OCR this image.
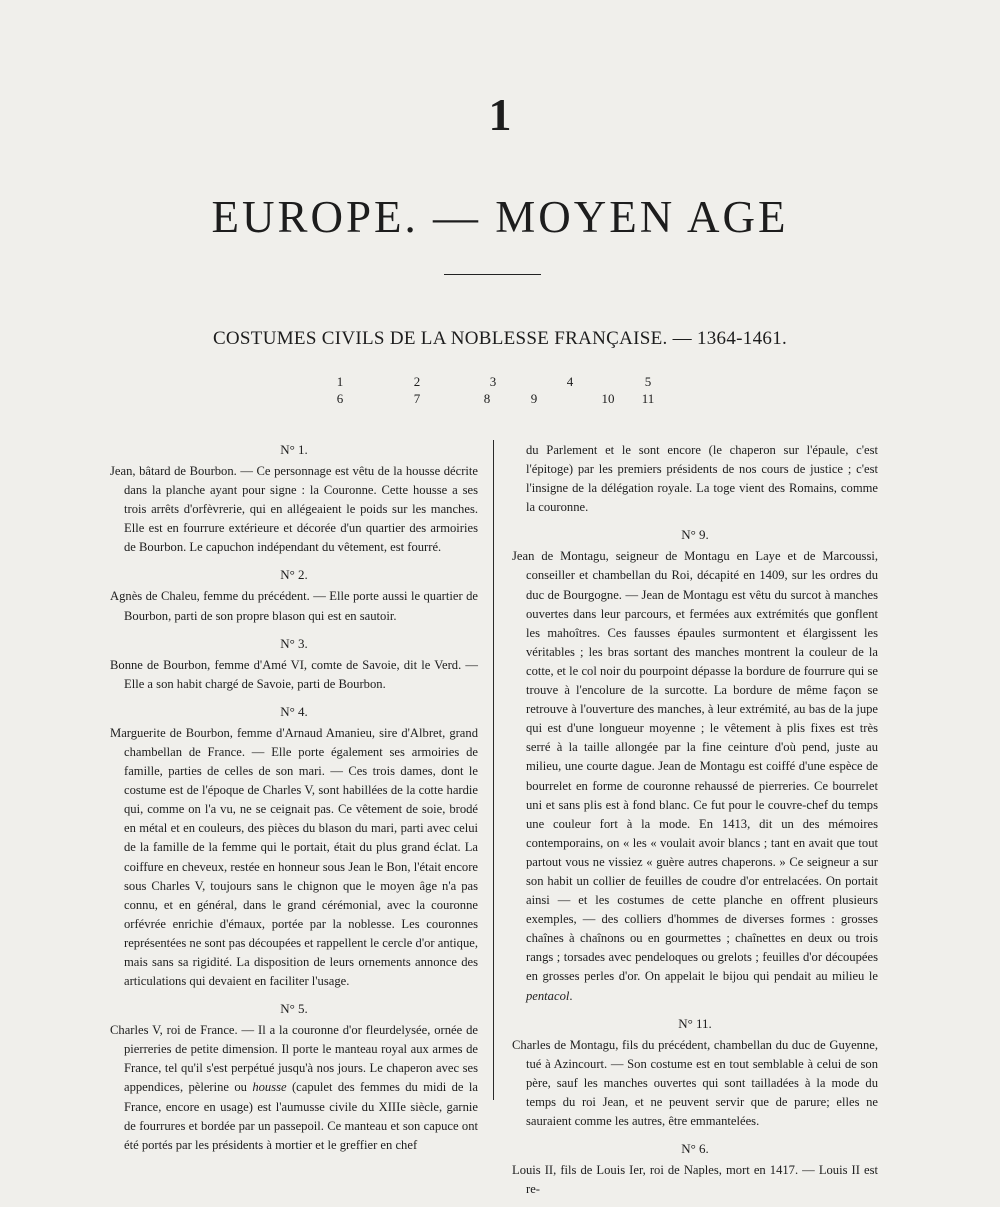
1
EUROPE. — MOYEN AGE
COSTUMES CIVILS DE LA NOBLESSE FRANÇAISE. — 1364-1461.
1	2	3	4	5
6	7	8	9	10	11
N° 1.

Jean, bâtard de Bourbon. — Ce personnage est vêtu de la housse décrite dans la planche ayant pour signe : la Couronne. Cette housse a ses trois arrêts d'orfèvrerie, qui en allégeaient le poids sur les manches. Elle est en fourrure extérieure et décorée d'un quartier des armoiries de Bourbon. Le capuchon indépendant du vêtement, est fourré.

N° 2.

Agnès de Chaleu, femme du précédent. — Elle porte aussi le quartier de Bourbon, parti de son propre blason qui est en sautoir.

N° 3.

Bonne de Bourbon, femme d'Amé VI, comte de Savoie, dit le Verd. — Elle a son habit chargé de Savoie, parti de Bourbon.

N° 4.

Marguerite de Bourbon, femme d'Arnaud Amanieu, sire d'Albret, grand chambellan de France. — Elle porte également ses armoiries de famille, parties de celles de son mari. — Ces trois dames, dont le costume est de l'époque de Charles V, sont habillées de la cotte hardie qui, comme on l'a vu, ne se ceignait pas. Ce vêtement de soie, brodé en métal et en couleurs, des pièces du blason du mari, parti avec celui de la famille de la femme qui le portait, était du plus grand éclat. La coiffure en cheveux, restée en honneur sous Jean le Bon, l'était encore sous Charles V, toujours sans le chignon que le moyen âge n'a pas connu, et en général, dans le grand cérémonial, avec la couronne orfévrée enrichie d'émaux, portée par la noblesse. Les couronnes représentées ne sont pas découpées et rappellent le cercle d'or antique, mais sans sa rigidité. La disposition de leurs ornements annonce des articulations qui devaient en faciliter l'usage.

N° 5.

Charles V, roi de France. — Il a la couronne d'or fleurdelysée, ornée de pierreries de petite dimension. Il porte le manteau royal aux armes de France, tel qu'il s'est perpétué jusqu'à nos jours. Le chaperon avec ses appendices, pèlerine ou housse (capulet des femmes du midi de la France, encore en usage) est l'aumusse civile du XIIIe siècle, garnie de fourrures et bordée par un passepoil. Ce manteau et son capuce ont été portés par les présidents à mortier et le greffier en chef

du Parlement et le sont encore (le chaperon sur l'épaule, c'est l'épitoge) par les premiers présidents de nos cours de justice ; c'est l'insigne de la délégation royale. La toge vient des Romains, comme la couronne.

N° 9.

Jean de Montagu, seigneur de Montagu en Laye et de Marcoussi, conseiller et chambellan du Roi, décapité en 1409, sur les ordres du duc de Bourgogne. — Jean de Montagu est vêtu du surcot à manches ouvertes dans leur parcours, et fermées aux extrémités que gonflent les mahoîtres. Ces fausses épaules surmontent et élargissent les véritables ; les bras sortant des manches montrent la couleur de la cotte, et le col noir du pourpoint dépasse la bordure de fourrure qui se trouve à l'encolure de la surcotte. La bordure de même façon se retrouve à l'ouverture des manches, à leur extrémité, au bas de la jupe qui est d'une longueur moyenne ; le vêtement à plis fixes est très serré à la taille allongée par la fine ceinture d'où pend, juste au milieu, une courte dague. Jean de Montagu est coiffé d'une espèce de bourrelet en forme de couronne rehaussé de pierreries. Ce bourrelet uni et sans plis est à fond blanc. Ce fut pour le couvre-chef du temps une couleur fort à la mode. En 1413, dit un des mémoires contemporains, on « les « voulait avoir blancs ; tant en avait que tout partout vous ne vissiez « guère autres chaperons. » Ce seigneur a sur son habit un collier de feuilles de coudre d'or entrelacées. On portait ainsi — et les costumes de cette planche en offrent plusieurs exemples, — des colliers d'hommes de diverses formes : grosses chaînes à chaînons ou en gourmettes ; chaînettes en deux ou trois rangs ; torsades avec pendeloques ou grelots ; feuilles d'or découpées en grosses perles d'or. On appelait le bijou qui pendait au milieu le pentacol.

N° 11.

Charles de Montagu, fils du précédent, chambellan du duc de Guyenne, tué à Azincourt. — Son costume est en tout semblable à celui de son père, sauf les manches ouvertes qui sont tailladées à la mode du temps du roi Jean, et ne peuvent servir que de parure; elles ne sauraient comme les autres, être emmantelées.

N° 6.

Louis II, fils de Louis Ier, roi de Naples, mort en 1417. — Louis II est re-
